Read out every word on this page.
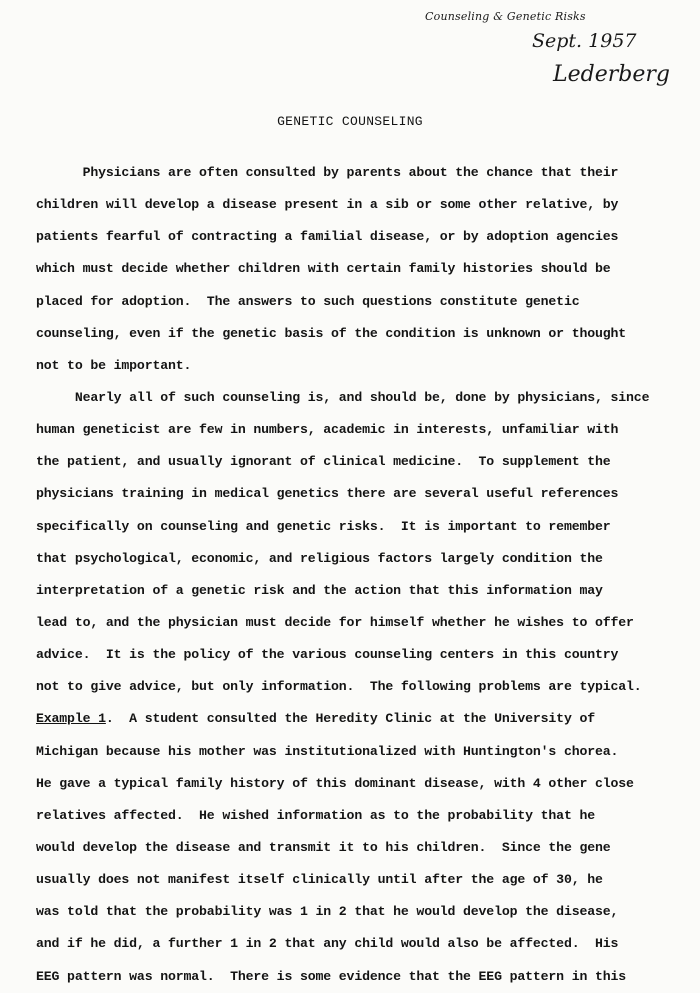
Counseling & Genetic Risks
Sept. 1957
Lederberg
GENETIC COUNSELING
Physicians are often consulted by parents about the chance that their
children will develop a disease present in a sib or some other relative, by
patients fearful of contracting a familial disease, or by adoption agencies
which must decide whether children with certain family histories should be
placed for adoption.  The answers to such questions constitute genetic
counseling, even if the genetic basis of the condition is unknown or thought
not to be important.
Nearly all of such counseling is, and should be, done by physicians, since
human geneticist are few in numbers, academic in interests, unfamiliar with
the patient, and usually ignorant of clinical medicine.  To supplement the
physicians training in medical genetics there are several useful references
specifically on counseling and genetic risks.  It is important to remember
that psychological, economic, and religious factors largely condition the
interpretation of a genetic risk and the action that this information may
lead to, and the physician must decide for himself whether he wishes to offer
advice.  It is the policy of the various counseling centers in this country
not to give advice, but only information.  The following problems are typical.
Example 1.  A student consulted the Heredity Clinic at the University of
Michigan because his mother was institutionalized with Huntington's chorea.
He gave a typical family history of this dominant disease, with 4 other close
relatives affected.  He wished information as to the probability that he
would develop the disease and transmit it to his children.  Since the gene
usually does not manifest itself clinically until after the age of 30, he
was told that the probability was 1 in 2 that he would develop the disease,
and if he did, a further 1 in 2 that any child would also be affected.  His
EEG pattern was normal.  There is some evidence that the EEG pattern in this
